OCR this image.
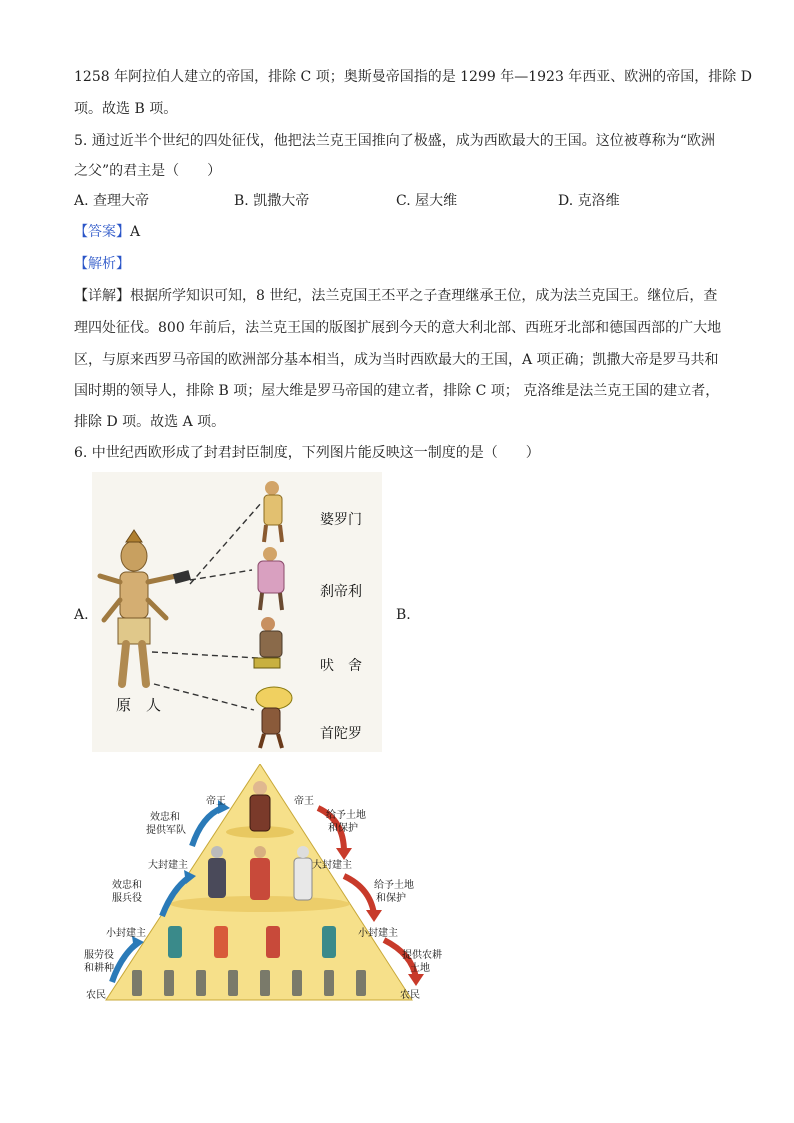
1258 年阿拉伯人建立的帝国，排除 C 项；奥斯曼帝国指的是 1299 年—1923 年西亚、欧洲的帝国，排除 D
项。故选 B 项。
5. 通过近半个世纪的四处征伐，他把法兰克王国推向了极盛，成为西欧最大的王国。这位被尊称为“欧洲
之父”的君主是（　　）
A. 查理大帝	B. 凯撒大帝	C. 屋大维	D. 克洛维
【答案】A
【解析】
【详解】根据所学知识可知，8 世纪，法兰克国王丕平之子查理继承王位，成为法兰克国王。继位后，查
理四处征伐。800 年前后，法兰克王国的版图扩展到今天的意大利北部、西班牙北部和德国西部的广大地
区，与原来西罗马帝国的欧洲部分基本相当，成为当时西欧最大的王国，A 项正确；凯撒大帝是罗马共和
国时期的领导人，排除 B 项；屋大维是罗马帝国的建立者，排除 C 项； 克洛维是法兰克王国的建立者，
排除 D 项。故选 A 项。
6. 中世纪西欧形成了封君封臣制度，下列图片能反映这一制度的是（　　）
A.	B.
婆罗门
刹帝利
吠　舍
首陀罗
原　人
帝王	帝王
效忠和
提供军队
给予土地
和保护
大封建主	大封建主
效忠和
服兵役
给予土地
和保护
小封建主	小封建主
服劳役
和耕种
提供农耕
土地
农民	农民
